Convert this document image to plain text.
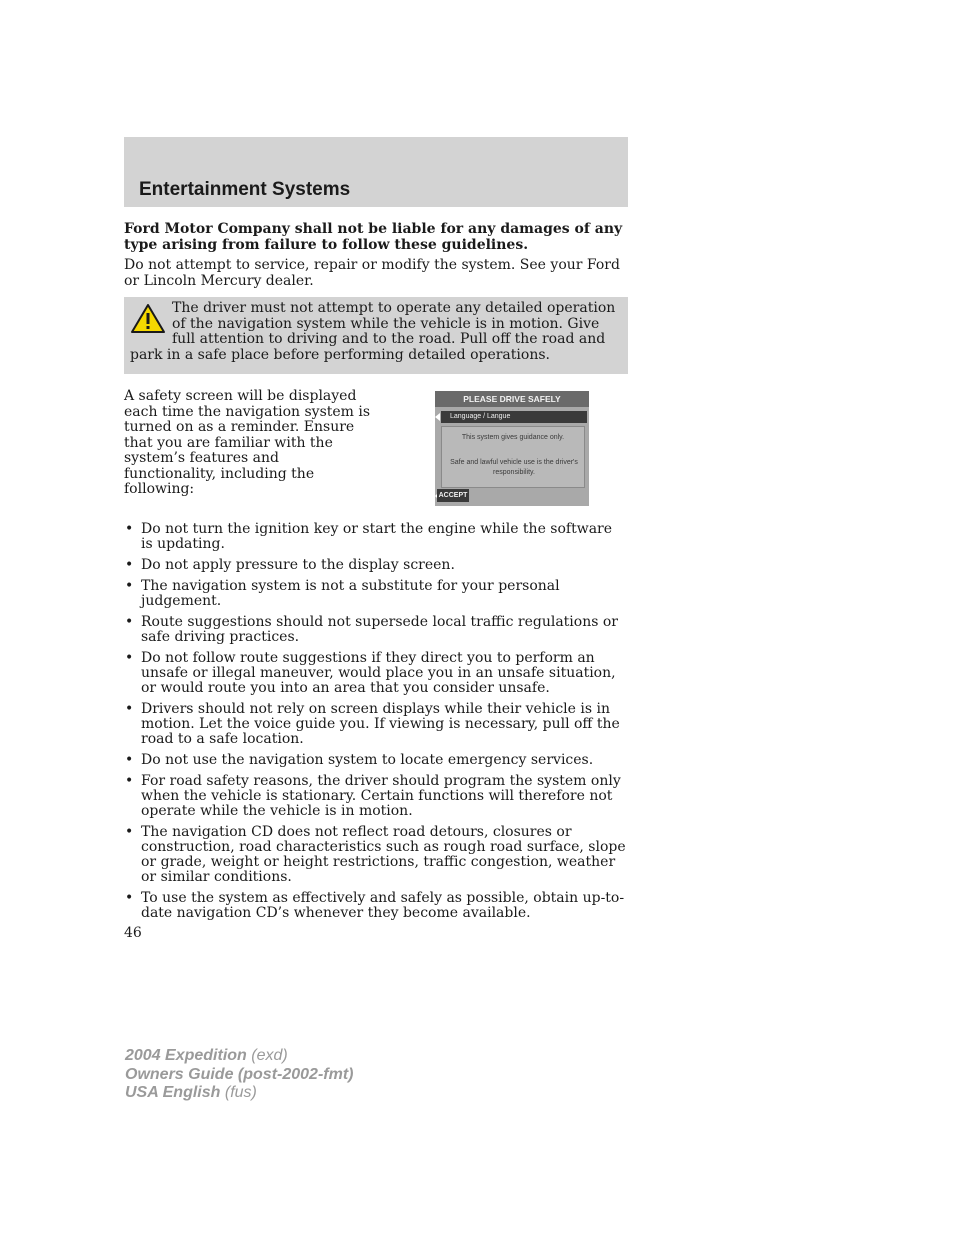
Entertainment Systems
Ford Motor Company shall not be liable for any damages of any type arising from failure to follow these guidelines.
Do not attempt to service, repair or modify the system. See your Ford or Lincoln Mercury dealer.

The driver must not attempt to operate any detailed operation of the navigation system while the vehicle is in motion. Give full attention to driving and to the road. Pull off the road and park in a safe place before performing detailed operations.

A safety screen will be displayed each time the navigation system is turned on as a reminder. Ensure that you are familiar with the system’s features and functionality, including the following:
PLEASE DRIVE SAFELY
Language / Langue
This system gives guidance only.
Safe and lawful vehicle use is the driver's responsibility.
ACCEPT
• Do not turn the ignition key or start the engine while the software is updating.
• Do not apply pressure to the display screen.
• The navigation system is not a substitute for your personal judgement.
• Route suggestions should not supersede local traffic regulations or safe driving practices.
• Do not follow route suggestions if they direct you to perform an unsafe or illegal maneuver, would place you in an unsafe situation, or would route you into an area that you consider unsafe.
• Drivers should not rely on screen displays while their vehicle is in motion. Let the voice guide you. If viewing is necessary, pull off the road to a safe location.
• Do not use the navigation system to locate emergency services.
• For road safety reasons, the driver should program the system only when the vehicle is stationary. Certain functions will therefore not operate while the vehicle is in motion.
• The navigation CD does not reflect road detours, closures or construction, road characteristics such as rough road surface, slope or grade, weight or height restrictions, traffic congestion, weather or similar conditions.
• To use the system as effectively and safely as possible, obtain up-to-date navigation CD’s whenever they become available.
46
2004 Expedition (exd)
Owners Guide (post-2002-fmt)
USA English (fus)
